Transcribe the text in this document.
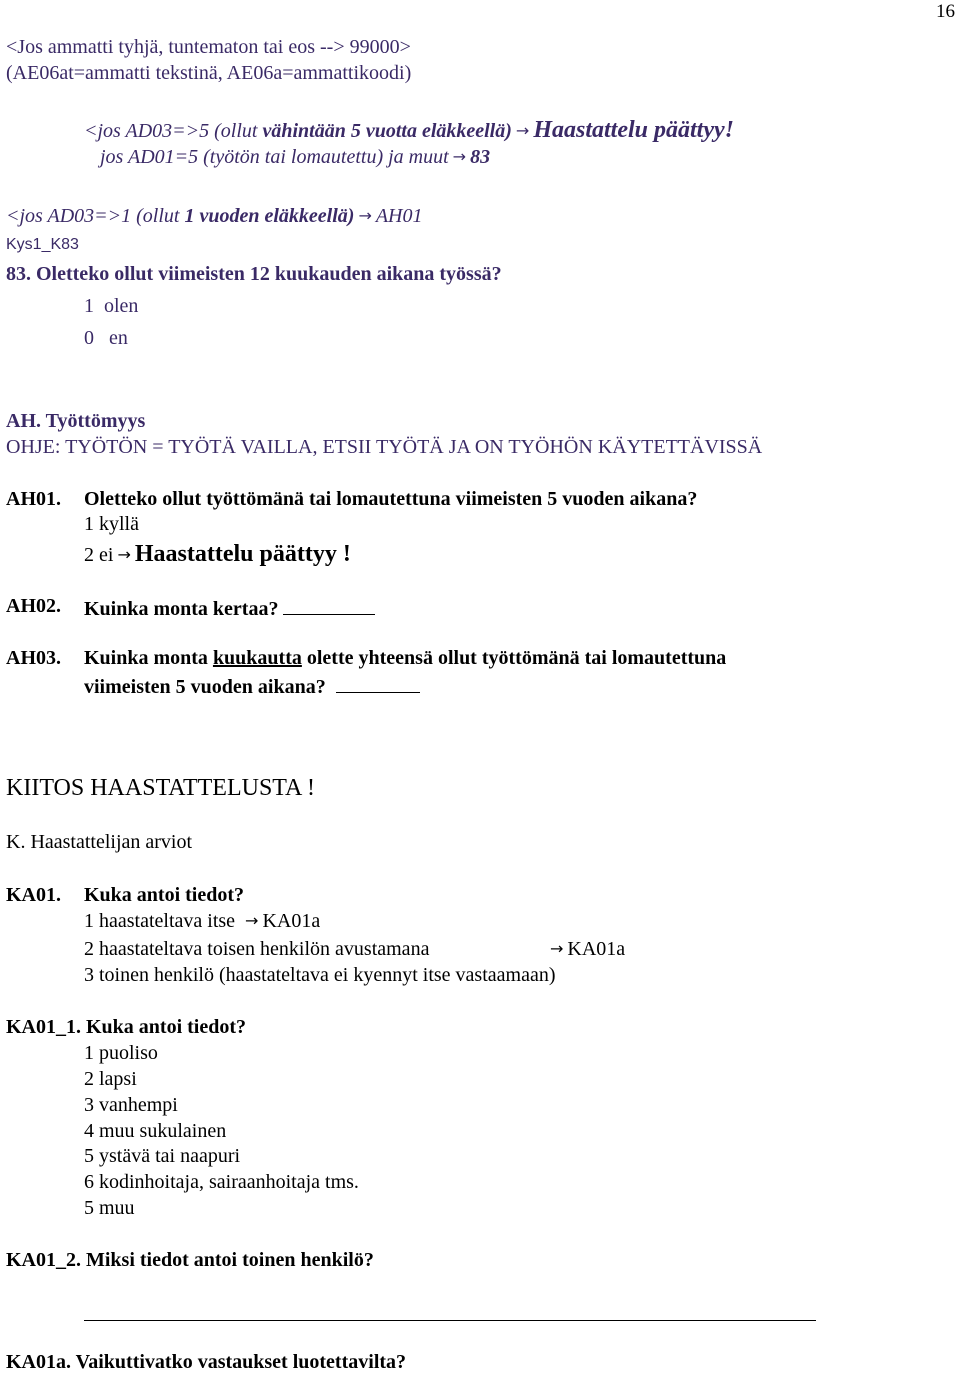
16
<Jos ammatti tyhjä, tuntematon tai eos --> 99000>
(AE06at=ammatti tekstinä, AE06a=ammattikoodi)
<jos AD03=>5 (ollut vähintään 5 vuotta eläkkeellä) → Haastattelu päättyy!
jos AD01=5 (työtön tai lomautettu) ja muut → 83
<jos AD03=>1 (ollut 1 vuoden eläkkeellä) → AH01
Kys1_K83
83. Oletteko ollut viimeisten 12 kuukauden aikana työssä?
1 olen
0 en
AH. Työttömyys
OHJE: TYÖTÖN = TYÖTÄ VAILLA, ETSII TYÖTÄ JA ON TYÖHÖN KÄYTETTÄVISSÄ
AH01. Oletteko ollut työttömänä tai lomautettuna viimeisten 5 vuoden aikana?
1 kyllä
2 ei → Haastattelu päättyy !
AH02. Kuinka monta kertaa?
AH03. Kuinka monta kuukautta olette yhteensä ollut työttömänä tai lomautettuna
viimeisten 5 vuoden aikana?
KIITOS HAASTATTELUSTA !
K. Haastattelijan arviot
KA01. Kuka antoi tiedot?
1 haastateltava itse → KA01a
2 haastateltava toisen henkilön avustamana	→ KA01a
3 toinen henkilö (haastateltava ei kyennyt itse vastaamaan)
KA01_1. Kuka antoi tiedot?
1 puoliso
2 lapsi
3 vanhempi
4 muu sukulainen
5 ystävä tai naapuri
6 kodinhoitaja, sairaanhoitaja tms.
5 muu
KA01_2. Miksi tiedot antoi toinen henkilö?
KA01a. Vaikuttivatko vastaukset luotettavilta?
